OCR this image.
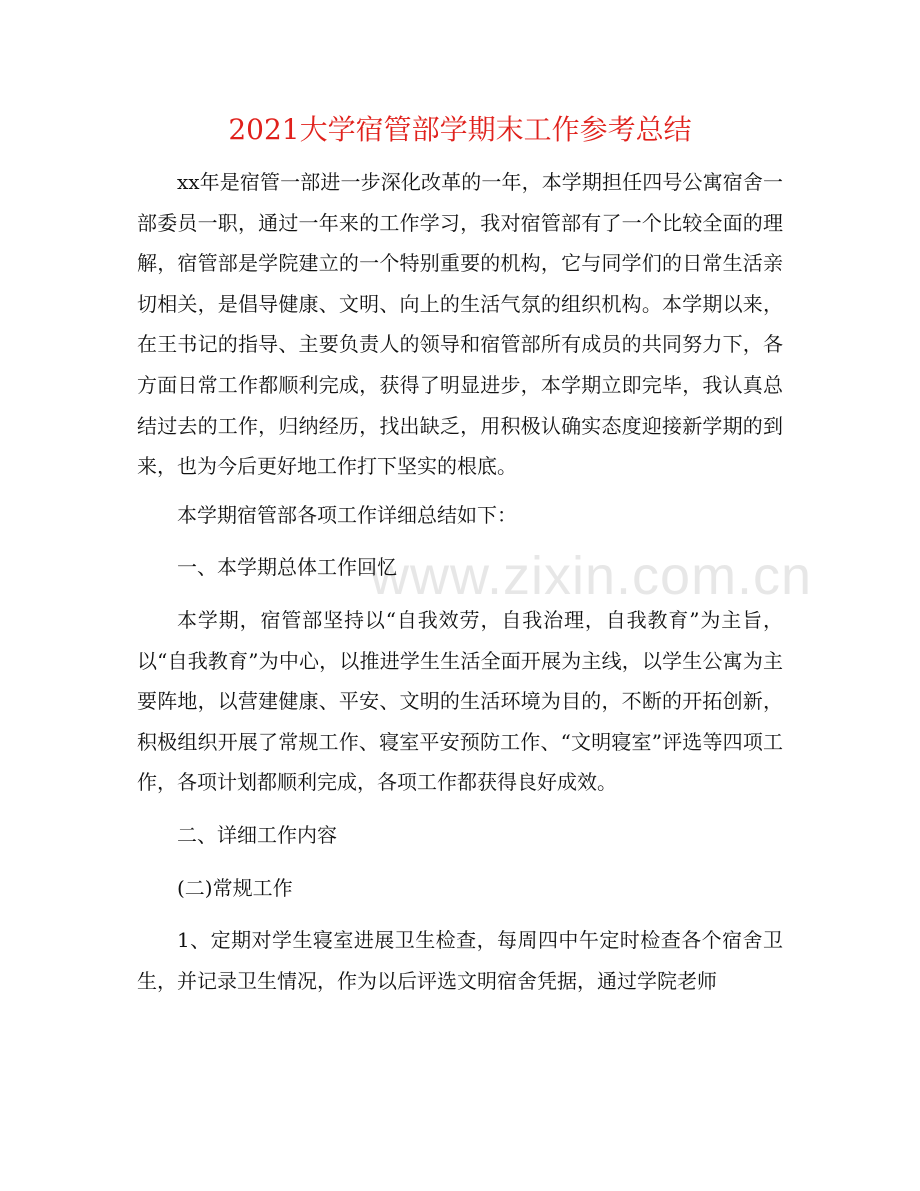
2021大学宿管部学期末工作参考总结
www.zixin.com.cn

xx年是宿管一部进一步深化改革的一年，本学期担任四号公寓宿舍一部委员一职，通过一年来的工作学习，我对宿管部有了一个比较全面的理解，宿管部是学院建立的一个特别重要的机构，它与同学们的日常生活亲切相关，是倡导健康、文明、向上的生活气氛的组织机构。本学期以来，在王书记的指导、主要负责人的领导和宿管部所有成员的共同努力下，各方面日常工作都顺利完成，获得了明显进步，本学期立即完毕，我认真总结过去的工作，归纳经历，找出缺乏，用积极认确实态度迎接新学期的到来，也为今后更好地工作打下坚实的根底。

本学期宿管部各项工作详细总结如下：

一、本学期总体工作回忆

本学期，宿管部坚持以“自我效劳，自我治理，自我教育”为主旨，以“自我教育”为中心，以推进学生生活全面开展为主线，以学生公寓为主要阵地，以营建健康、平安、文明的生活环境为目的，不断的开拓创新，积极组织开展了常规工作、寝室平安预防工作、“文明寝室”评选等四项工作，各项计划都顺利完成，各项工作都获得良好成效。

二、详细工作内容

(二)常规工作

1、定期对学生寝室进展卫生检查，每周四中午定时检查各个宿舍卫生，并记录卫生情况，作为以后评选文明宿舍凭据，通过学院老师
